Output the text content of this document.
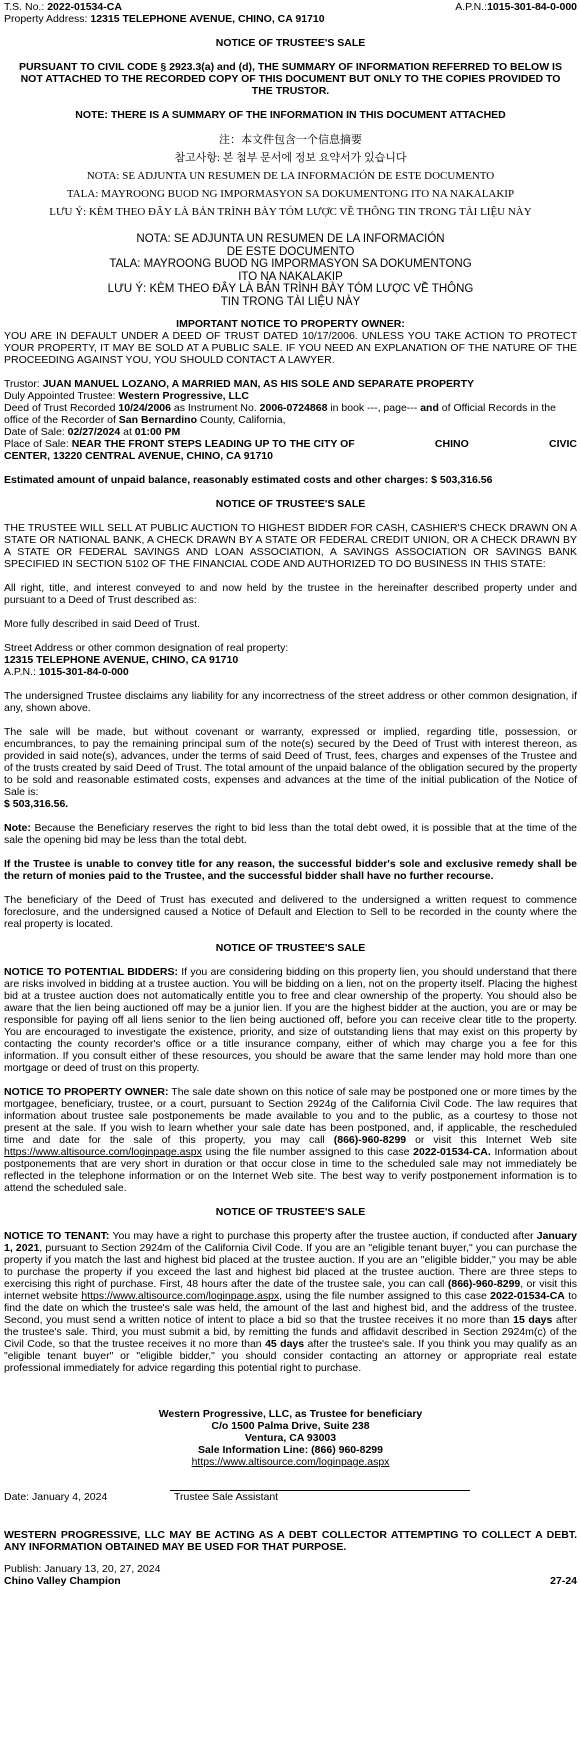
T.S. No.: 2022-01534-CA	A.P.N.:1015-301-84-0-000
Property Address: 12315 TELEPHONE AVENUE, CHINO, CA 91710
NOTICE OF TRUSTEE'S SALE
PURSUANT TO CIVIL CODE § 2923.3(a) and (d), THE SUMMARY OF INFORMATION REFERRED TO BELOW IS NOT ATTACHED TO THE RECORDED COPY OF THIS DOCUMENT BUT ONLY TO THE COPIES PROVIDED TO THE TRUSTOR.
NOTE: THERE IS A SUMMARY OF THE INFORMATION IN THIS DOCUMENT ATTACHED
注：本文件包含一个信息摘要
참고사항: 본 첨부 문서에 정보 요약서가 있습니다
NOTA: SE ADJUNTA UN RESUMEN DE LA INFORMACIÓN DE ESTE DOCUMENTO
TALA: MAYROONG BUOD NG IMPORMASYON SA DOKUMENTONG ITO NA NAKALAKIP
LƯU Ý: KÈM THEO ĐÂY LÀ BẢN TRÌNH BÀY TÓM LƯỢC VỀ THÔNG TIN TRONG TÀI LIỆU NÀY
NOTA: SE ADJUNTA UN RESUMEN DE LA INFORMACIÓN
DE ESTE DOCUMENTO
TALA: MAYROONG BUOD NG IMPORMASYON SA DOKUMENTONG
ITO NA NAKALAKIP
LƯU Ý: KÈM THEO ĐÂY LÀ BẢN TRÌNH BÀY TÓM LƯỢC VỀ THÔNG
TIN TRONG TÀI LIỆU NÀY
IMPORTANT NOTICE TO PROPERTY OWNER:

YOU ARE IN DEFAULT UNDER A DEED OF TRUST DATED 10/17/2006. UNLESS YOU TAKE ACTION TO PROTECT YOUR PROPERTY, IT MAY BE SOLD AT A PUBLIC SALE. IF YOU NEED AN EXPLANATION OF THE NATURE OF THE PROCEEDING AGAINST YOU, YOU SHOULD CONTACT A LAWYER.

Trustor: JUAN MANUEL LOZANO, A MARRIED MAN, AS HIS SOLE AND SEPARATE PROPERTY
Duly Appointed Trustee: Western Progressive, LLC
Deed of Trust Recorded 10/24/2006 as Instrument No. 2006-0724868 in book ---, page--- and of Official Records in the office of the Recorder of San Bernardino County, California,
Date of Sale: 02/27/2024 at 01:00 PM
Place of Sale: NEAR THE FRONT STEPS LEADING UP TO THE CITY OF	CHINO	CIVIC
CENTER, 13220 CENTRAL AVENUE, CHINO, CA 91710
Estimated amount of unpaid balance, reasonably estimated costs and other charges: $ 503,316.56
NOTICE OF TRUSTEE'S SALE

THE TRUSTEE WILL SELL AT PUBLIC AUCTION TO HIGHEST BIDDER FOR CASH, CASHIER'S CHECK DRAWN ON A STATE OR NATIONAL BANK, A CHECK DRAWN BY A STATE OR FEDERAL CREDIT UNION, OR A CHECK DRAWN BY A STATE OR FEDERAL SAVINGS AND LOAN ASSOCIATION, A SAVINGS ASSOCIATION OR SAVINGS BANK SPECIFIED IN SECTION 5102 OF THE FINANCIAL CODE AND AUTHORIZED TO DO BUSINESS IN THIS STATE:

All right, title, and interest conveyed to and now held by the trustee in the hereinafter described property under and pursuant to a Deed of Trust described as:

More fully described in said Deed of Trust.

Street Address or other common designation of real property:
12315 TELEPHONE AVENUE, CHINO, CA 91710
A.P.N.: 1015-301-84-0-000

The undersigned Trustee disclaims any liability for any incorrectness of the street address or other common designation, if any, shown above.

The sale will be made, but without covenant or warranty, expressed or implied, regarding title, possession, or encumbrances, to pay the remaining principal sum of the note(s) secured by the Deed of Trust with interest thereon, as provided in said note(s), advances, under the terms of said Deed of Trust, fees, charges and expenses of the Trustee and of the trusts created by said Deed of Trust. The total amount of the unpaid balance of the obligation secured by the property to be sold and reasonable estimated costs, expenses and advances at the time of the initial publication of the Notice of Sale is:

$ 503,316.56.

Note: Because the Beneficiary reserves the right to bid less than the total debt owed, it is possible that at the time of the sale the opening bid may be less than the total debt.

If the Trustee is unable to convey title for any reason, the successful bidder's sole and exclusive remedy shall be the return of monies paid to the Trustee, and the successful bidder shall have no further recourse.

The beneficiary of the Deed of Trust has executed and delivered to the undersigned a written request to commence foreclosure, and the undersigned caused a Notice of Default and Election to Sell to be recorded in the county where the real property is located.

NOTICE OF TRUSTEE'S SALE

NOTICE TO POTENTIAL BIDDERS: If you are considering bidding on this property lien, you should understand that there are risks involved in bidding at a trustee auction. You will be bidding on a lien, not on the property itself. Placing the highest bid at a trustee auction does not automatically entitle you to free and clear ownership of the property. You should also be aware that the lien being auctioned off may be a junior lien. If you are the highest bidder at the auction, you are or may be responsible for paying off all liens senior to the lien being auctioned off, before you can receive clear title to the property. You are encouraged to investigate the existence, priority, and size of outstanding liens that may exist on this property by contacting the county recorder's office or a title insurance company, either of which may charge you a fee for this information. If you consult either of these resources, you should be aware that the same lender may hold more than one mortgage or deed of trust on this property.

NOTICE TO PROPERTY OWNER: The sale date shown on this notice of sale may be postponed one or more times by the mortgagee, beneficiary, trustee, or a court, pursuant to Section 2924g of the California Civil Code. The law requires that information about trustee sale postponements be made available to you and to the public, as a courtesy to those not present at the sale. If you wish to learn whether your sale date has been postponed, and, if applicable, the rescheduled time and date for the sale of this property, you may call (866)-960-8299 or visit this Internet Web site https://www.altisource.com/loginpage.aspx using the file number assigned to this case 2022-01534-CA. Information about postponements that are very short in duration or that occur close in time to the scheduled sale may not immediately be reflected in the telephone information or on the Internet Web site. The best way to verify postponement information is to attend the scheduled sale.

NOTICE OF TRUSTEE'S SALE

NOTICE TO TENANT: You may have a right to purchase this property after the trustee auction, if conducted after January 1, 2021, pursuant to Section 2924m of the California Civil Code. If you are an "eligible tenant buyer," you can purchase the property if you match the last and highest bid placed at the trustee auction. If you are an "eligible bidder," you may be able to purchase the property if you exceed the last and highest bid placed at the trustee auction. There are three steps to exercising this right of purchase. First, 48 hours after the date of the trustee sale, you can call (866)-960-8299, or visit this internet website https://www.altisource.com/loginpage.aspx, using the file number assigned to this case 2022-01534-CA to find the date on which the trustee's sale was held, the amount of the last and highest bid, and the address of the trustee. Second, you must send a written notice of intent to place a bid so that the trustee receives it no more than 15 days after the trustee's sale. Third, you must submit a bid, by remitting the funds and affidavit described in Section 2924m(c) of the Civil Code, so that the trustee receives it no more than 45 days after the trustee's sale. If you think you may qualify as an "eligible tenant buyer" or "eligible bidder," you should consider contacting an attorney or appropriate real estate professional immediately for advice regarding this potential right to purchase.

Western Progressive, LLC, as Trustee for beneficiary
C/o 1500 Palma Drive, Suite 238
Ventura, CA 93003
Sale Information Line: (866) 960-8299
https://www.altisource.com/loginpage.aspx
Date: January 4, 2024	Trustee Sale Assistant

WESTERN PROGRESSIVE, LLC MAY BE ACTING AS A DEBT COLLECTOR ATTEMPTING TO COLLECT A DEBT. ANY INFORMATION OBTAINED MAY BE USED FOR THAT PURPOSE.

Publish: January 13, 20, 27, 2024
Chino Valley Champion	27-24
